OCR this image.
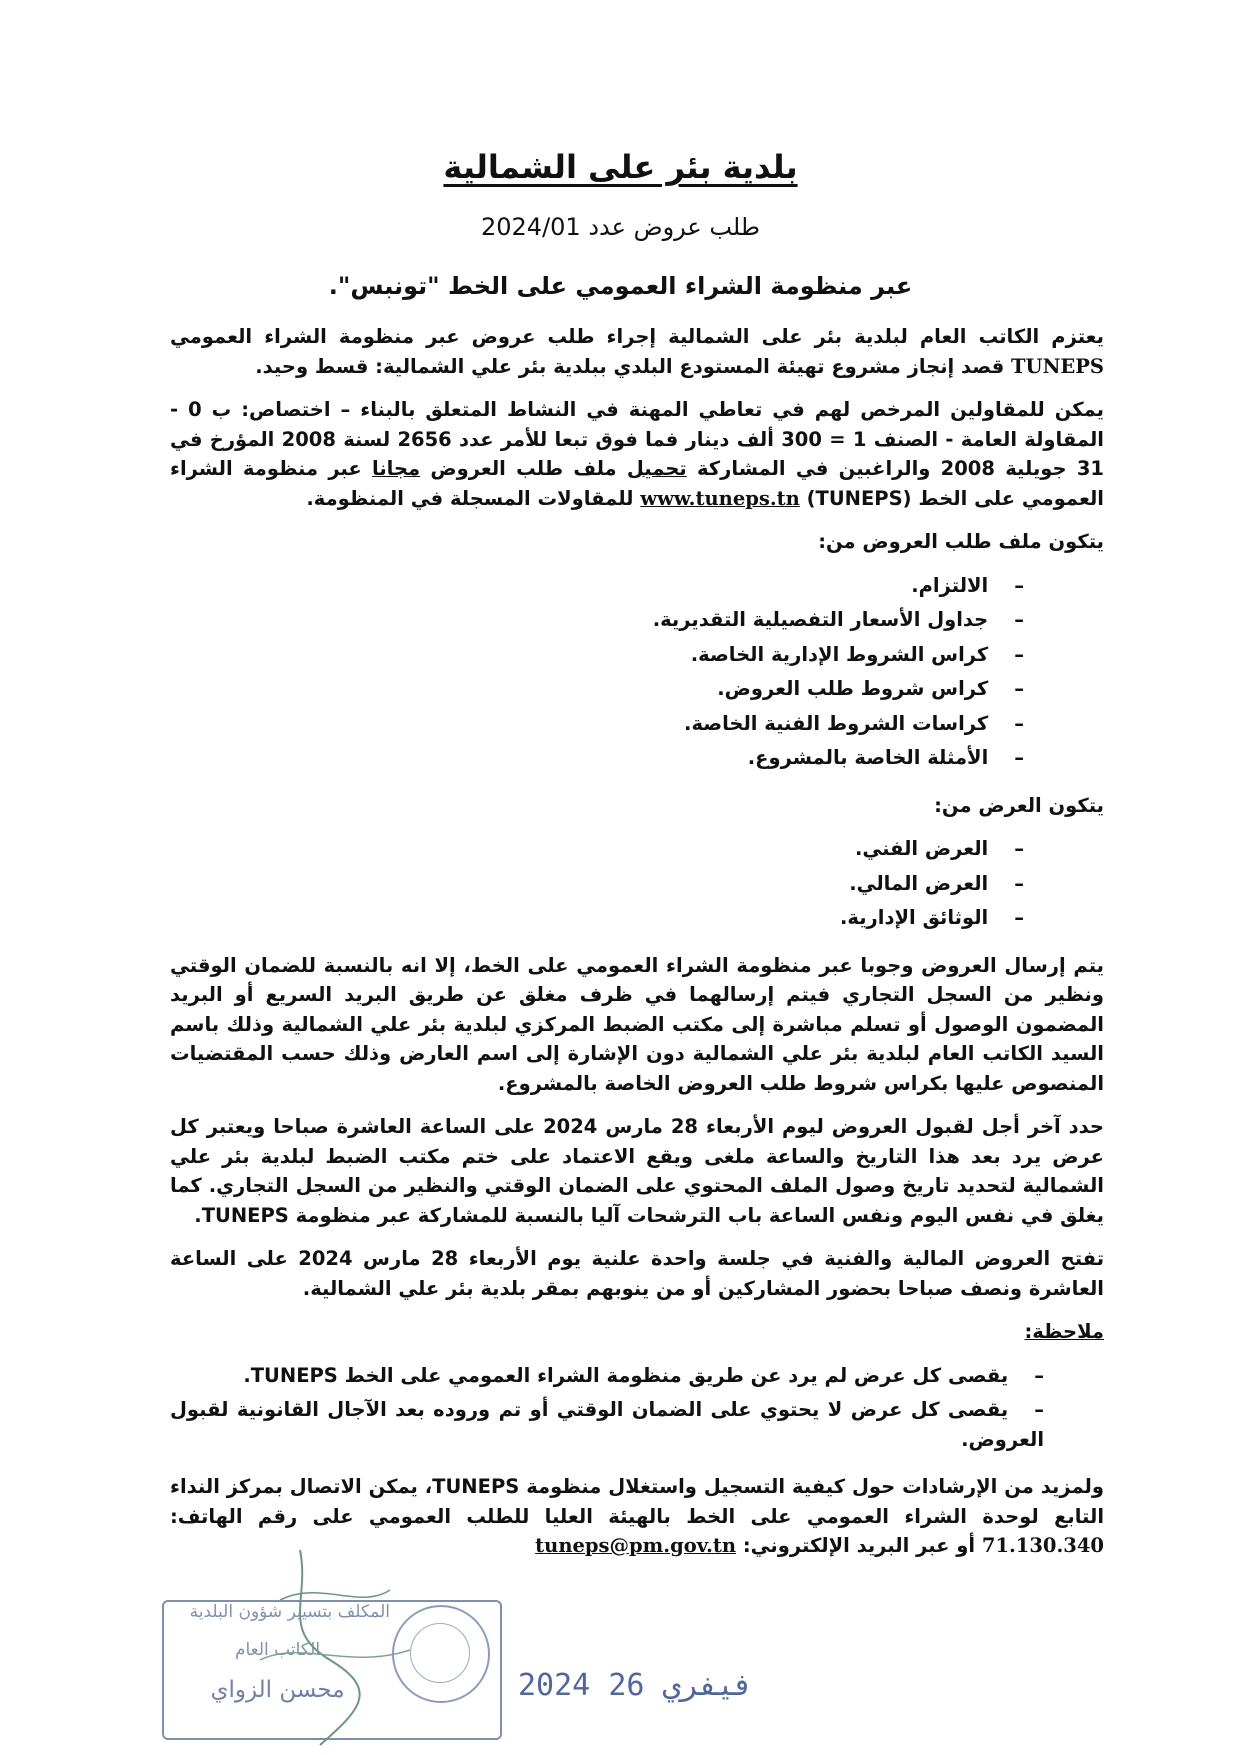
بلدية بئر على الشمالية
طلب عروض عدد 2024/01
عبر منظومة الشراء العمومي على الخط "تونبس".

يعتزم الكاتب العام لبلدية بئر على الشمالية إجراء طلب عروض عبر منظومة الشراء العمومي TUNEPS قصد إنجاز مشروع تهيئة المستودع البلدي ببلدية بئر علي الشمالية: قسط وحيد.

يمكن للمقاولين المرخص لهم في تعاطي المهنة في النشاط المتعلق بالبناء – اختصاص: ب 0 - المقاولة العامة - الصنف 1 = 300 ألف دينار فما فوق تبعا للأمر عدد 2656 لسنة 2008 المؤرخ في 31 جويلية 2008 والراغبين في المشاركة تحميل ملف طلب العروض مجانا عبر منظومة الشراء العمومي على الخط www.tuneps.tn (TUNEPS) للمقاولات المسجلة في المنظومة.

يتكون ملف طلب العروض من:
– الالتزام.
– جداول الأسعار التفصيلية التقديرية.
– كراس الشروط الإدارية الخاصة.
– كراس شروط طلب العروض.
– كراسات الشروط الفنية الخاصة.
– الأمثلة الخاصة بالمشروع.
يتكون العرض من:
– العرض الفني.
– العرض المالي.
– الوثائق الإدارية.

يتم إرسال العروض وجوبا عبر منظومة الشراء العمومي على الخط، إلا انه بالنسبة للضمان الوقتي ونظير من السجل التجاري فيتم إرسالهما في ظرف مغلق عن طريق البريد السريع أو البريد المضمون الوصول أو تسلم مباشرة إلى مكتب الضبط المركزي لبلدية بئر علي الشمالية وذلك باسم السيد الكاتب العام لبلدية بئر علي الشمالية دون الإشارة إلى اسم العارض وذلك حسب المقتضيات المنصوص عليها بكراس شروط طلب العروض الخاصة بالمشروع.

حدد آخر أجل لقبول العروض ليوم الأربعاء 28 مارس 2024 على الساعة العاشرة صباحا ويعتبر كل عرض يرد بعد هذا التاريخ والساعة ملغى ويقع الاعتماد على ختم مكتب الضبط لبلدية بئر علي الشمالية لتحديد تاريخ وصول الملف المحتوي على الضمان الوقتي والنظير من السجل التجاري. كما يغلق في نفس اليوم ونفس الساعة باب الترشحات آليا بالنسبة للمشاركة عبر منظومة TUNEPS.

تفتح العروض المالية والفنية في جلسة واحدة علنية يوم الأربعاء 28 مارس 2024 على الساعة العاشرة ونصف صباحا بحضور المشاركين أو من ينوبهم بمقر بلدية بئر علي الشمالية.

ملاحظة:
– يقصى كل عرض لم يرد عن طريق منظومة الشراء العمومي على الخط TUNEPS.
– يقصى كل عرض لا يحتوي على الضمان الوقتي أو تم وروده بعد الآجال القانونية لقبول العروض.

ولمزيد من الإرشادات حول كيفية التسجيل واستغلال منظومة TUNEPS، يمكن الاتصال بمركز النداء التابع لوحدة الشراء العمومي على الخط بالهيئة العليا للطلب العمومي على رقم الهاتف: 71.130.340 أو عبر البريد الإلكتروني: tuneps@pm.gov.tn

المكلف بتسيير شؤون البلدية
الكاتب العام
محسن الزواي	2024 فيفري 26
